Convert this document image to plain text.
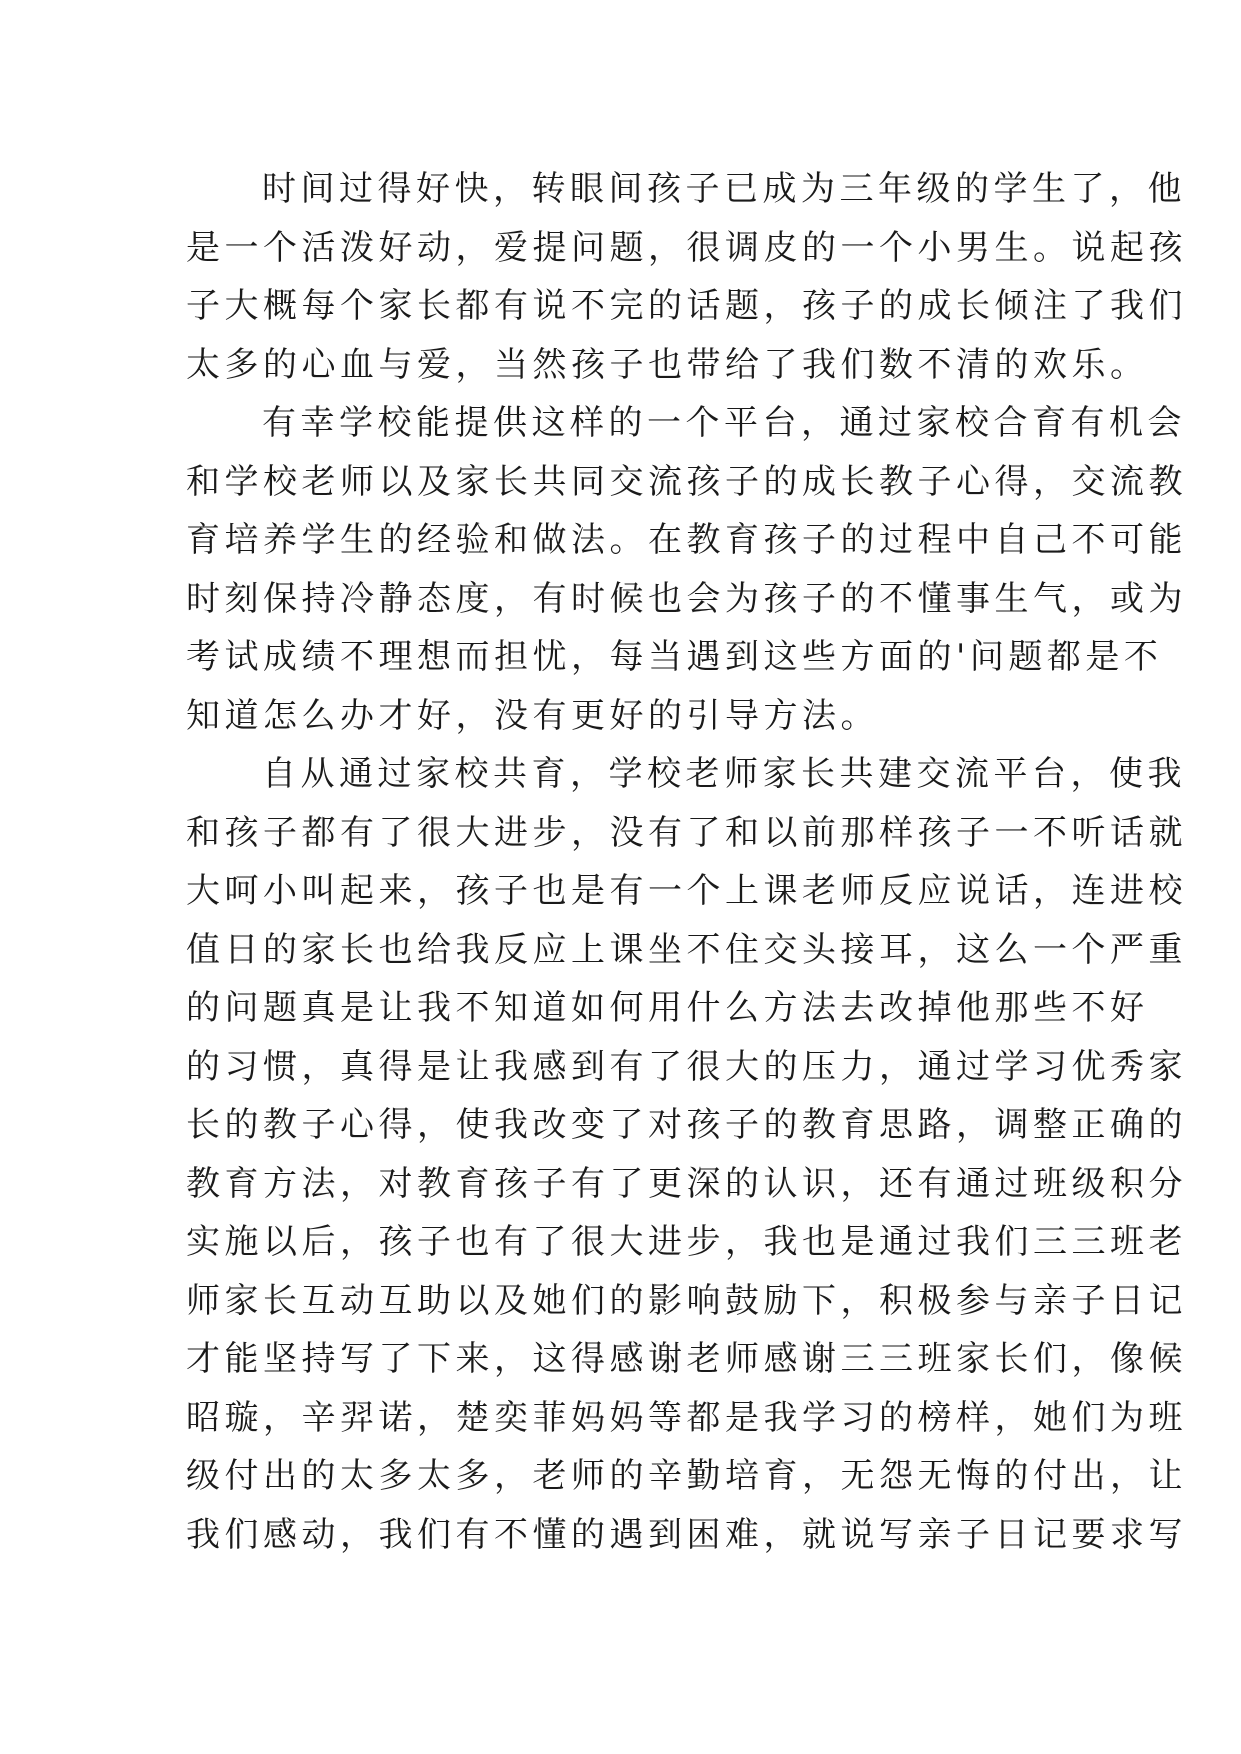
时间过得好快，转眼间孩子已成为三年级的学生了，他
是一个活泼好动，爱提问题，很调皮的一个小男生。说起孩
子大概每个家长都有说不完的话题，孩子的成长倾注了我们
太多的心血与爱，当然孩子也带给了我们数不清的欢乐。
有幸学校能提供这样的一个平台，通过家校合育有机会
和学校老师以及家长共同交流孩子的成长教子心得，交流教
育培养学生的经验和做法。在教育孩子的过程中自己不可能
时刻保持冷静态度，有时候也会为孩子的不懂事生气，或为
考试成绩不理想而担忧，每当遇到这些方面的'问题都是不
知道怎么办才好，没有更好的引导方法。
自从通过家校共育，学校老师家长共建交流平台，使我
和孩子都有了很大进步，没有了和以前那样孩子一不听话就
大呵小叫起来，孩子也是有一个上课老师反应说话，连进校
值日的家长也给我反应上课坐不住交头接耳，这么一个严重
的问题真是让我不知道如何用什么方法去改掉他那些不好
的习惯，真得是让我感到有了很大的压力，通过学习优秀家
长的教子心得，使我改变了对孩子的教育思路，调整正确的
教育方法，对教育孩子有了更深的认识，还有通过班级积分
实施以后，孩子也有了很大进步，我也是通过我们三三班老
师家长互动互助以及她们的影响鼓励下，积极参与亲子日记
才能坚持写了下来，这得感谢老师感谢三三班家长们，像候
昭璇，辛羿诺，楚奕菲妈妈等都是我学习的榜样，她们为班
级付出的太多太多，老师的辛勤培育，无怨无悔的付出，让
我们感动，我们有不懂的遇到困难，就说写亲子日记要求写
